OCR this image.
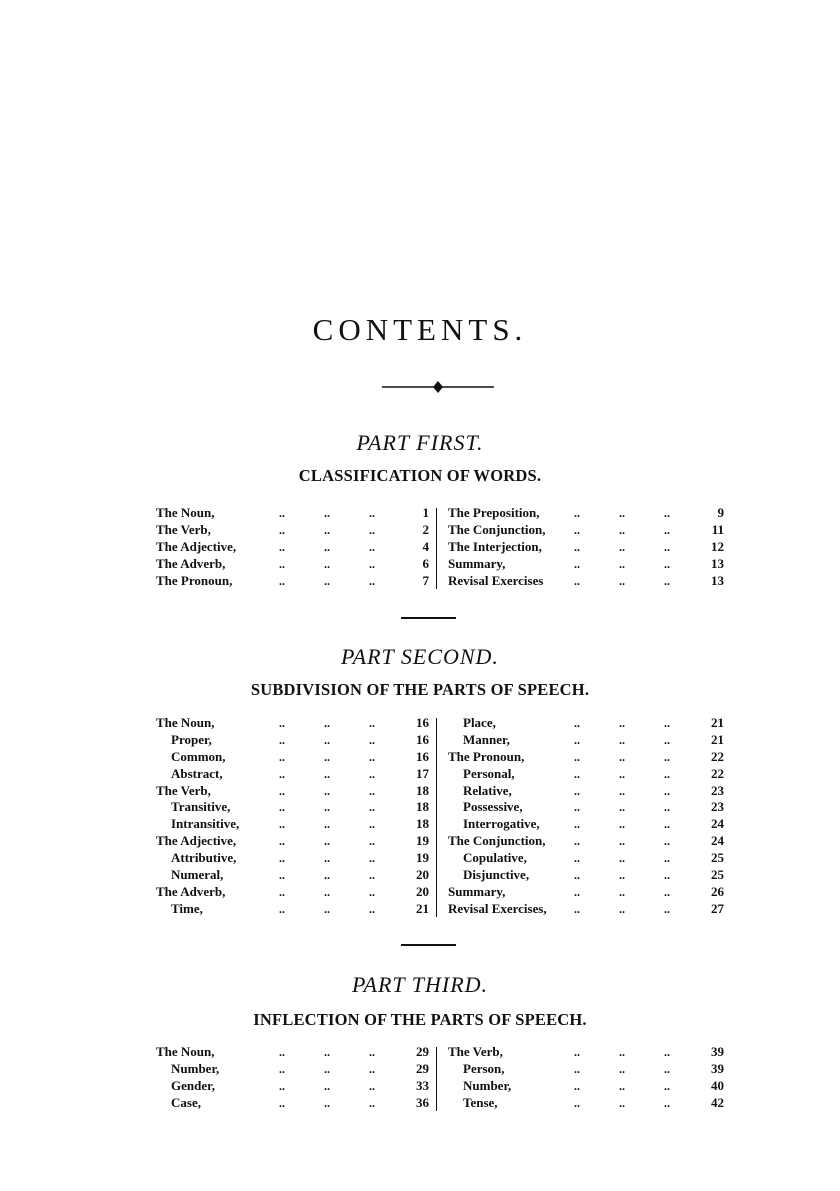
CONTENTS.
PART FIRST.
CLASSIFICATION OF WORDS.
The Noun,	..	..	..	1
The Verb,	..	..	..	2
The Adjective,	..	..	..	4
The Adverb,	..	..	..	6
The Pronoun,	..	..	..	7
The Preposition,	..	..	..	9
The Conjunction, ..	..	..	11
The Interjection,	..	..	..	12
Summary,	..	..	..	13
Revisal Exercises	..	..	..	13
PART SECOND.
SUBDIVISION OF THE PARTS OF SPEECH.
The Noun,	..	..	..	16
Proper,	..	..	..	16
Common,	..	..	..	16
Abstract,	..	..	..	17
The Verb,	..	..	..	18
Transitive,	..	..	..	18
Intransitive,	..	..	..	18
The Adjective,	..	..	..	19
Attributive,	..	..	..	19
Numeral,	..	..	..	20
The Adverb,	..	..	..	20
Time,	..	..	..	21
Place,	..	..	..	21
Manner,	..	..	..	21
The Pronoun,	..	..	..	22
Personal,	..	..	..	22
Relative,	..	..	..	23
Possessive,	..	..	..	23
Interrogative,	..	..	..	24
The Conjunction, ..	..	..	24
Copulative,	..	..	..	25
Disjunctive,	..	..	..	25
Summary,	..	..	..	26
Revisal Exercises, ..	..	..	27
PART THIRD.
INFLECTION OF THE PARTS OF SPEECH.
The Noun,	..	..	..	29
Number,	..	..	..	29
Gender,	..	..	..	33
Case,	..	..	..	36
The Verb,	..	..	..	39
Person,	..	..	..	39
Number,	..	..	..	40
Tense,	..	..	..	42
